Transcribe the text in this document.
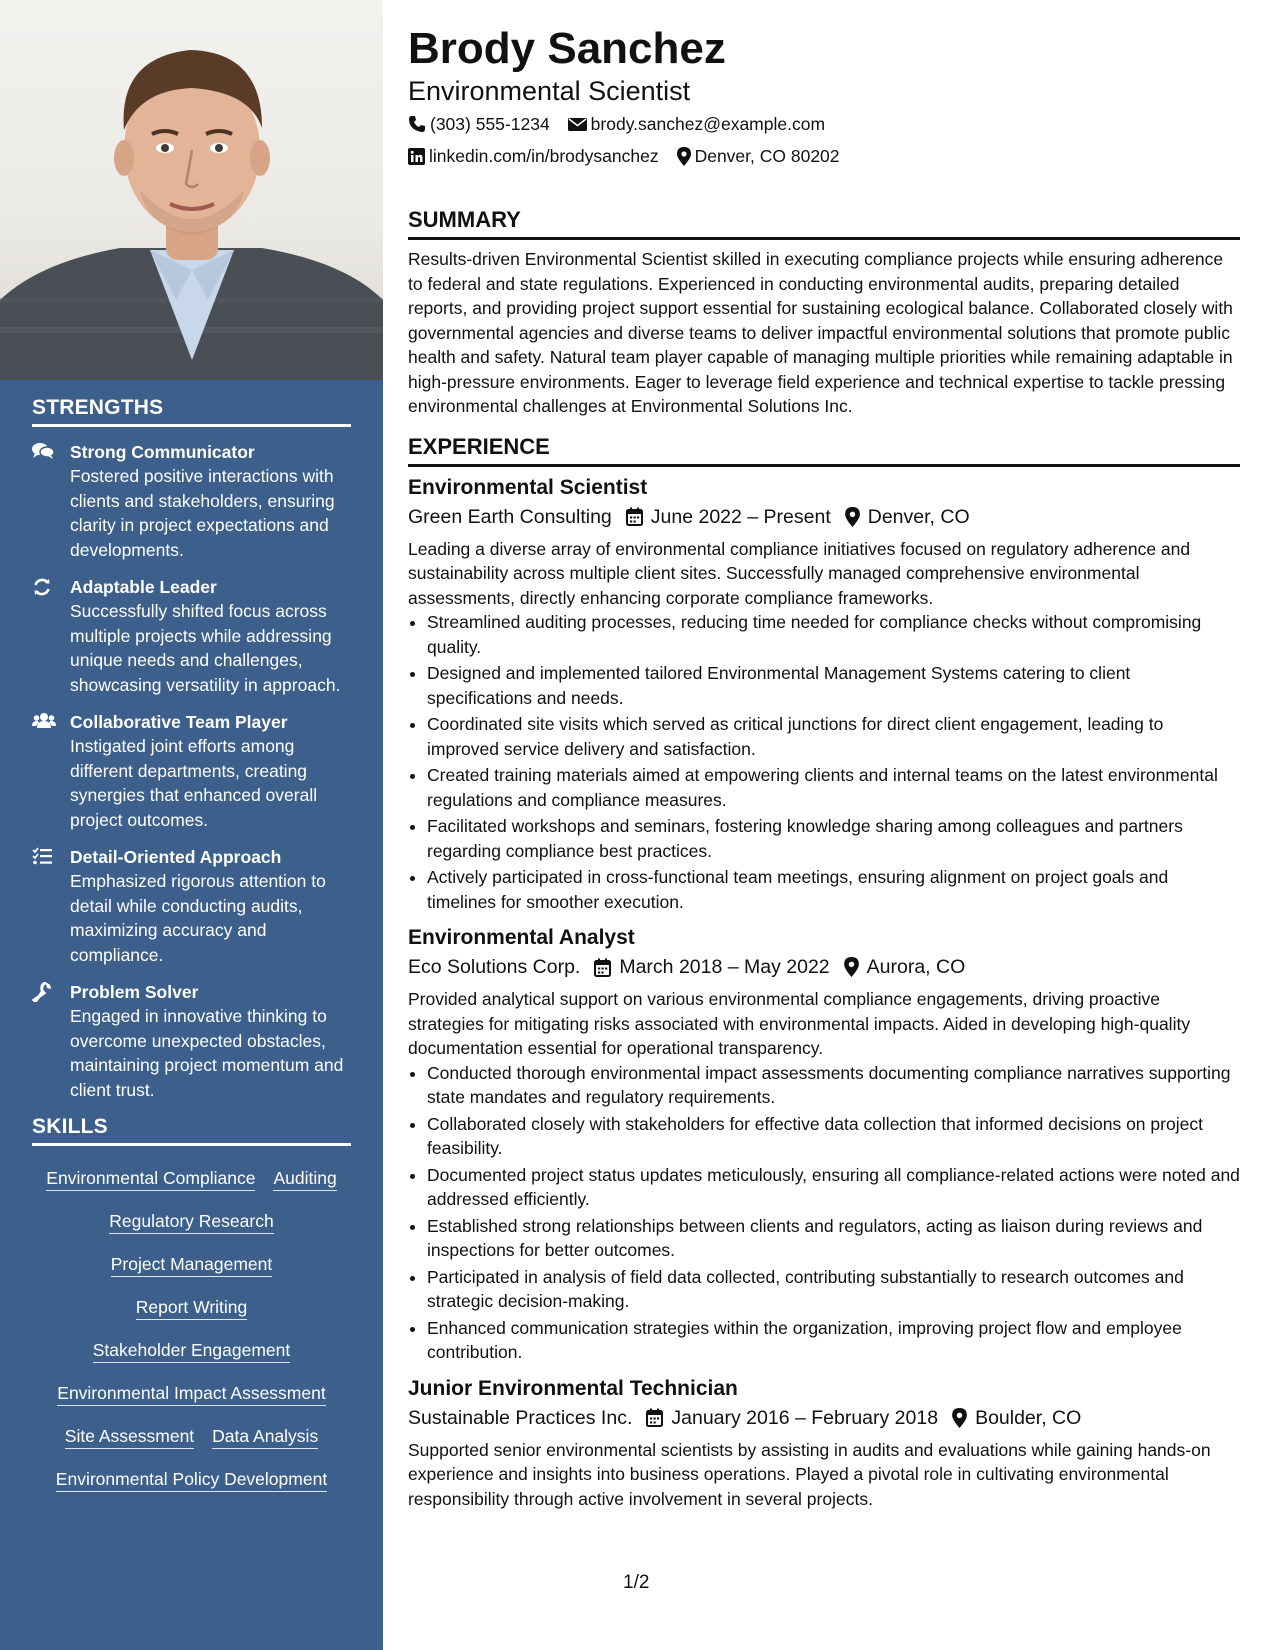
STRENGTHS
Strong Communicator
Fostered positive interactions with clients and stakeholders, ensuring clarity in project expectations and developments.
Adaptable Leader
Successfully shifted focus across multiple projects while addressing unique needs and challenges, showcasing versatility in approach.
Collaborative Team Player
Instigated joint efforts among different departments, creating synergies that enhanced overall project outcomes.
Detail-Oriented Approach
Emphasized rigorous attention to detail while conducting audits, maximizing accuracy and compliance.
Problem Solver
Engaged in innovative thinking to overcome unexpected obstacles, maintaining project momentum and client trust.
SKILLS
Environmental Compliance Auditing
Regulatory Research
Project Management
Report Writing
Stakeholder Engagement
Environmental Impact Assessment
Site Assessment Data Analysis
Environmental Policy Development
Brody Sanchez
Environmental Scientist
(303) 555-1234 brody.sanchez@example.com
linkedin.com/in/brodysanchez Denver, CO 80202
SUMMARY

Results-driven Environmental Scientist skilled in executing compliance projects while ensuring adherence to federal and state regulations. Experienced in conducting environmental audits, preparing detailed reports, and providing project support essential for sustaining ecological balance. Collaborated closely with governmental agencies and diverse teams to deliver impactful environmental solutions that promote public health and safety. Natural team player capable of managing multiple priorities while remaining adaptable in high-pressure environments. Eager to leverage field experience and technical expertise to tackle pressing environmental challenges at Environmental Solutions Inc.

EXPERIENCE
Environmental Scientist
Green Earth Consulting June 2022 – Present Denver, CO

Leading a diverse array of environmental compliance initiatives focused on regulatory adherence and sustainability across multiple client sites. Successfully managed comprehensive environmental assessments, directly enhancing corporate compliance frameworks.

• Streamlined auditing processes, reducing time needed for compliance checks without compromising quality.
• Designed and implemented tailored Environmental Management Systems catering to client specifications and needs.
• Coordinated site visits which served as critical junctions for direct client engagement, leading to improved service delivery and satisfaction.
• Created training materials aimed at empowering clients and internal teams on the latest environmental regulations and compliance measures.
• Facilitated workshops and seminars, fostering knowledge sharing among colleagues and partners regarding compliance best practices.
• Actively participated in cross-functional team meetings, ensuring alignment on project goals and timelines for smoother execution.
Environmental Analyst
Eco Solutions Corp. March 2018 – May 2022 Aurora, CO

Provided analytical support on various environmental compliance engagements, driving proactive strategies for mitigating risks associated with environmental impacts. Aided in developing high-quality documentation essential for operational transparency.

• Conducted thorough environmental impact assessments documenting compliance narratives supporting state mandates and regulatory requirements.
• Collaborated closely with stakeholders for effective data collection that informed decisions on project feasibility.
• Documented project status updates meticulously, ensuring all compliance-related actions were noted and addressed efficiently.
• Established strong relationships between clients and regulators, acting as liaison during reviews and inspections for better outcomes.
• Participated in analysis of field data collected, contributing substantially to research outcomes and strategic decision-making.
• Enhanced communication strategies within the organization, improving project flow and employee contribution.
Junior Environmental Technician
Sustainable Practices Inc. January 2016 – February 2018 Boulder, CO

Supported senior environmental scientists by assisting in audits and evaluations while gaining hands-on experience and insights into business operations. Played a pivotal role in cultivating environmental responsibility through active involvement in several projects.

1/2
